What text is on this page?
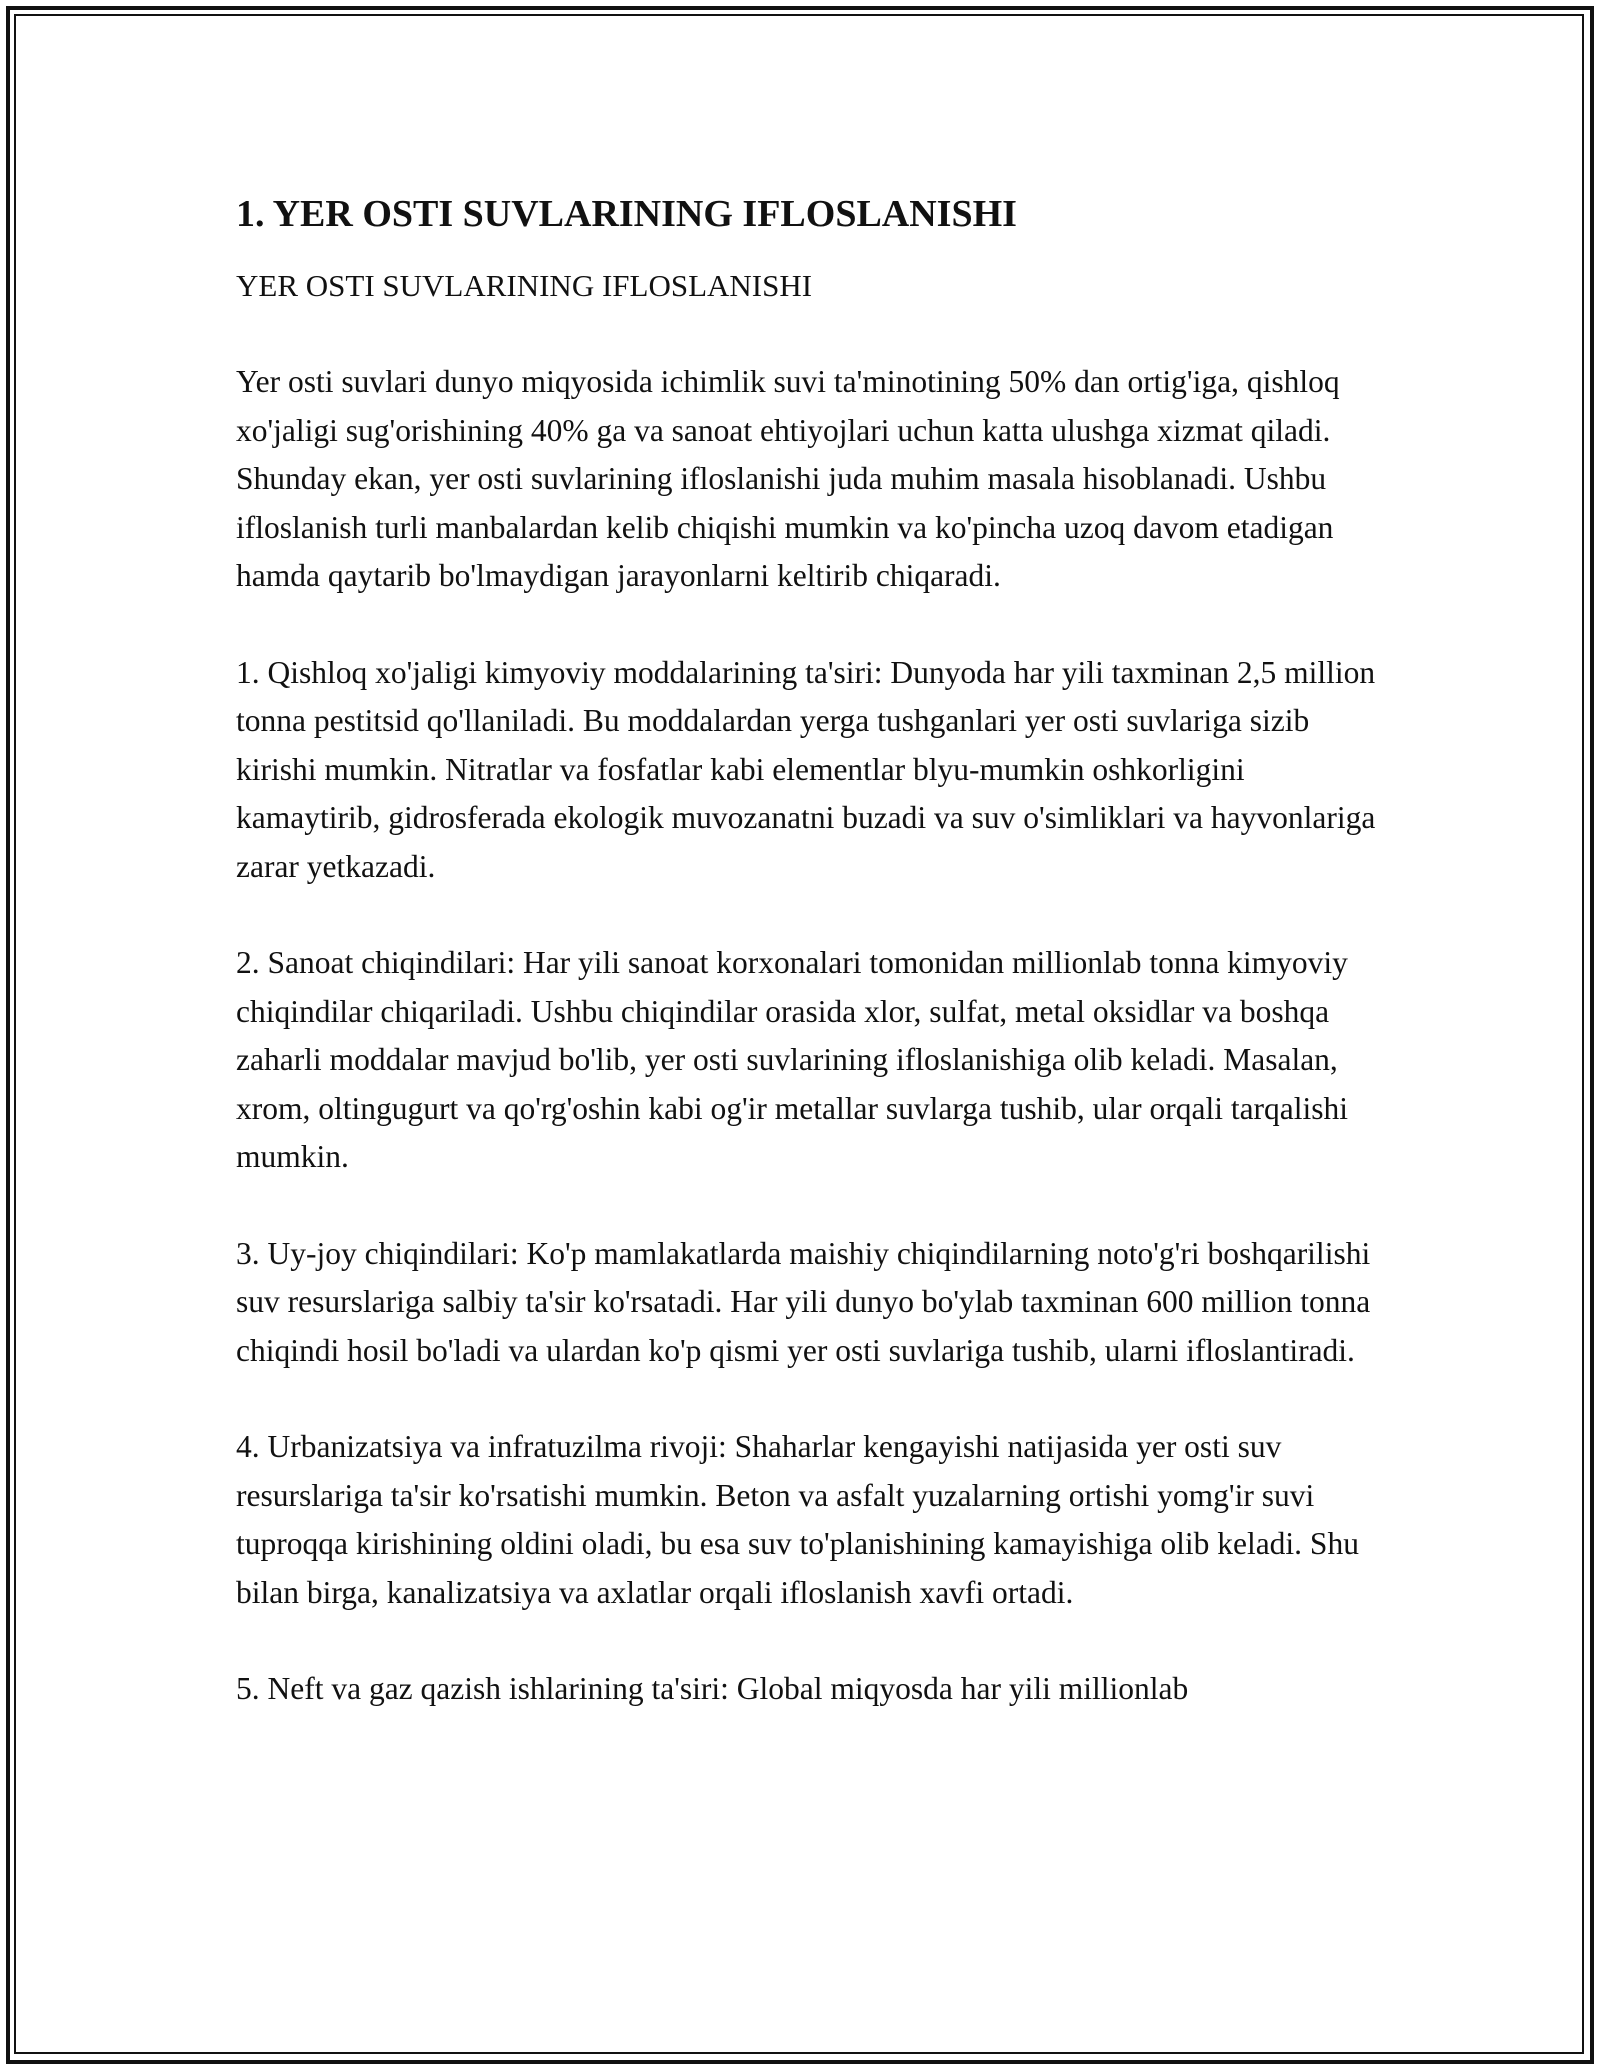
1. YER OSTI SUVLARINING IFLOSLANISHI

YER OSTI SUVLARINING IFLOSLANISHI

Yer osti suvlari dunyo miqyosida ichimlik suvi ta'minotining 50% dan ortig'iga, qishloq xo'jaligi sug'orishining 40% ga va sanoat ehtiyojlari uchun katta ulushga xizmat qiladi. Shunday ekan, yer osti suvlarining ifloslanishi juda muhim masala hisoblanadi. Ushbu ifloslanish turli manbalardan kelib chiqishi mumkin va ko'pincha uzoq davom etadigan hamda qaytarib bo'lmaydigan jarayonlarni keltirib chiqaradi.

1. Qishloq xo'jaligi kimyoviy moddalarining ta'siri: Dunyoda har yili taxminan 2,5 million tonna pestitsid qo'llaniladi. Bu moddalardan yerga tushganlari yer osti suvlariga sizib kirishi mumkin. Nitratlar va fosfatlar kabi elementlar blyu-mumkin oshkorligini kamaytirib, gidrosferada ekologik muvozanatni buzadi va suv o'simliklari va hayvonlariga zarar yetkazadi.

2. Sanoat chiqindilari: Har yili sanoat korxonalari tomonidan millionlab tonna kimyoviy chiqindilar chiqariladi. Ushbu chiqindilar orasida xlor, sulfat, metal oksidlar va boshqa zaharli moddalar mavjud bo'lib, yer osti suvlarining ifloslanishiga olib keladi. Masalan, xrom, oltingugurt va qo'rg'oshin kabi og'ir metallar suvlarga tushib, ular orqali tarqalishi mumkin.

3. Uy-joy chiqindilari: Ko'p mamlakatlarda maishiy chiqindilarning noto'g'ri boshqarilishi suv resurslariga salbiy ta'sir ko'rsatadi. Har yili dunyo bo'ylab taxminan 600 million tonna chiqindi hosil bo'ladi va ulardan ko'p qismi yer osti suvlariga tushib, ularni ifloslantiradi.

4. Urbanizatsiya va infratuzilma rivoji: Shaharlar kengayishi natijasida yer osti suv resurslariga ta'sir ko'rsatishi mumkin. Beton va asfalt yuzalarning ortishi yomg'ir suvi tuproqqa kirishining oldini oladi, bu esa suv to'planishining kamayishiga olib keladi. Shu bilan birga, kanalizatsiya va axlatlar orqali ifloslanish xavfi ortadi.

5. Neft va gaz qazish ishlarining ta'siri: Global miqyosda har yili millionlab
